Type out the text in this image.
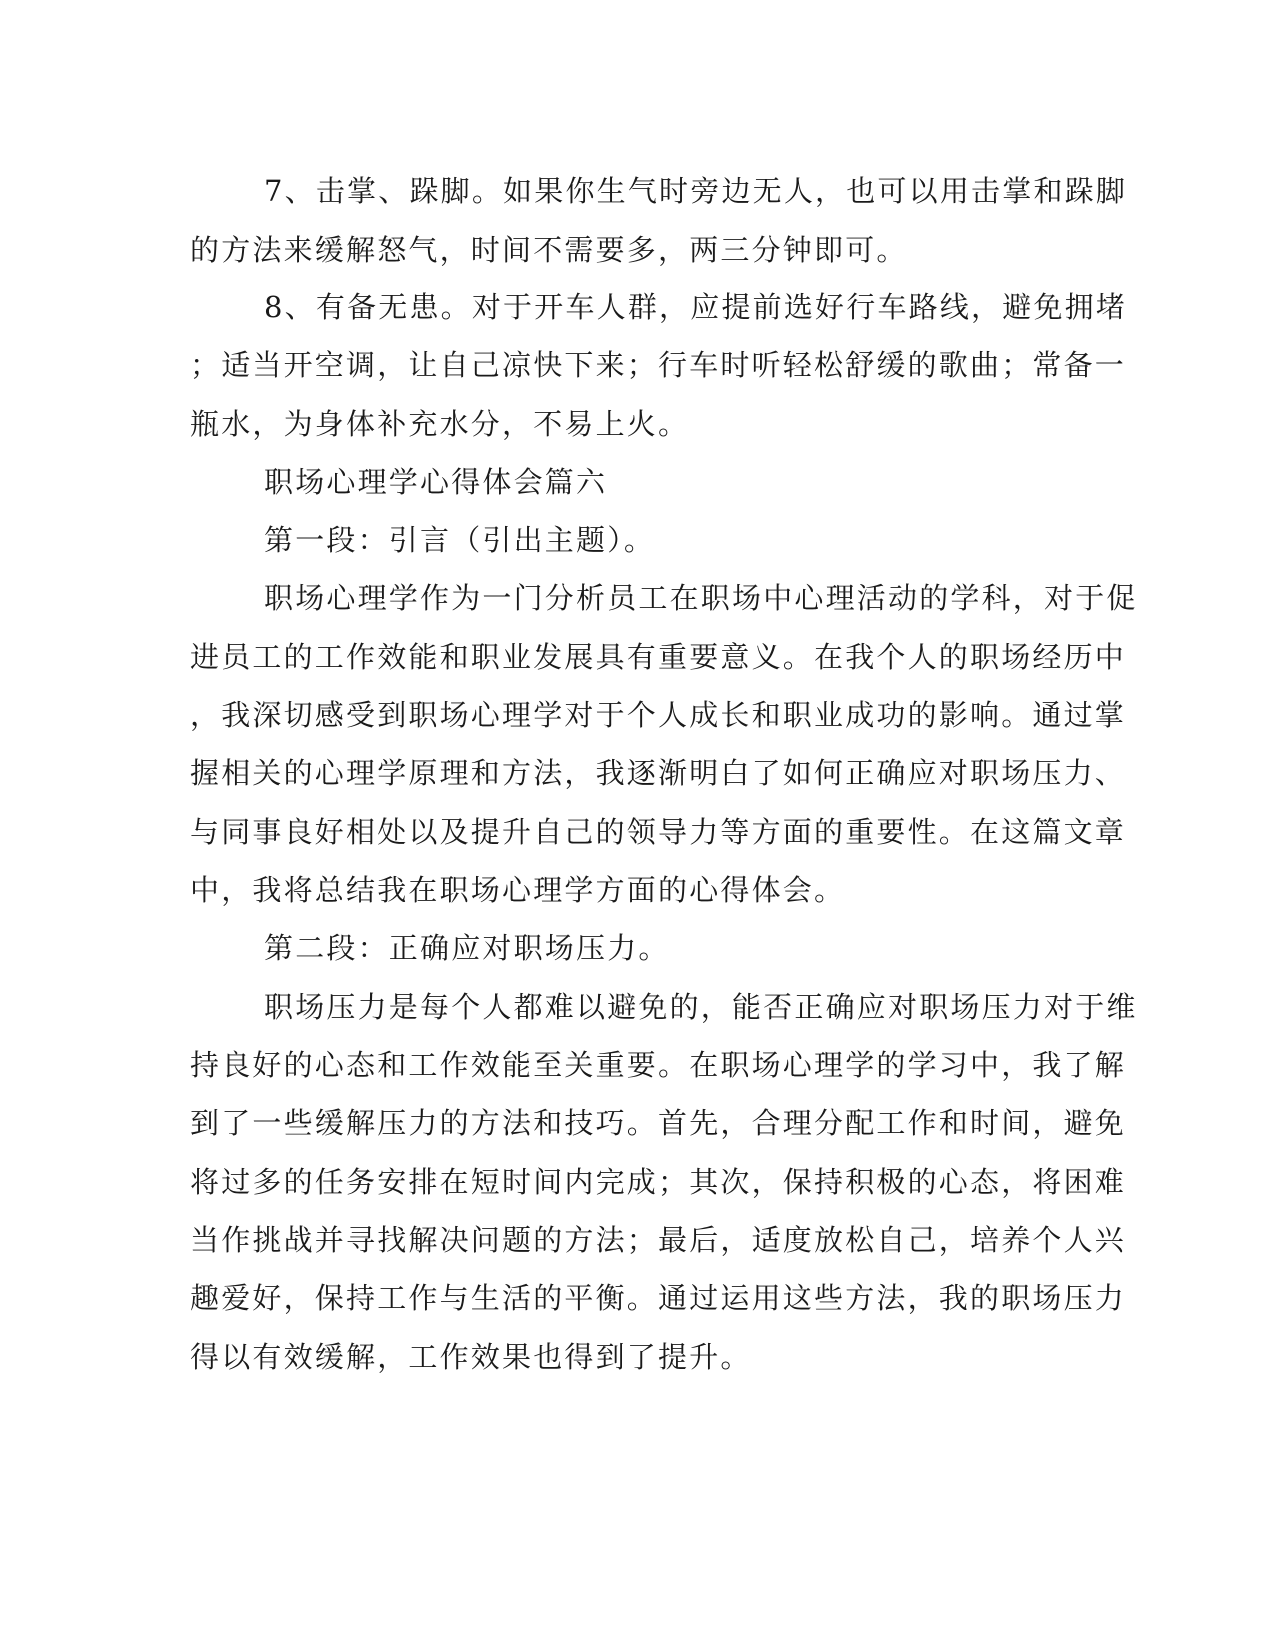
7、击掌、跺脚。如果你生气时旁边无人，也可以用击掌和跺脚
的方法来缓解怒气，时间不需要多，两三分钟即可。
8、有备无患。对于开车人群，应提前选好行车路线，避免拥堵
；适当开空调，让自己凉快下来；行车时听轻松舒缓的歌曲；常备一
瓶水，为身体补充水分，不易上火。
职场心理学心得体会篇六
第一段：引言（引出主题）。
职场心理学作为一门分析员工在职场中心理活动的学科，对于促
进员工的工作效能和职业发展具有重要意义。在我个人的职场经历中
，我深切感受到职场心理学对于个人成长和职业成功的影响。通过掌
握相关的心理学原理和方法，我逐渐明白了如何正确应对职场压力、
与同事良好相处以及提升自己的领导力等方面的重要性。在这篇文章
中，我将总结我在职场心理学方面的心得体会。
第二段：正确应对职场压力。
职场压力是每个人都难以避免的，能否正确应对职场压力对于维
持良好的心态和工作效能至关重要。在职场心理学的学习中，我了解
到了一些缓解压力的方法和技巧。首先，合理分配工作和时间，避免
将过多的任务安排在短时间内完成；其次，保持积极的心态，将困难
当作挑战并寻找解决问题的方法；最后，适度放松自己，培养个人兴
趣爱好，保持工作与生活的平衡。通过运用这些方法，我的职场压力
得以有效缓解，工作效果也得到了提升。
